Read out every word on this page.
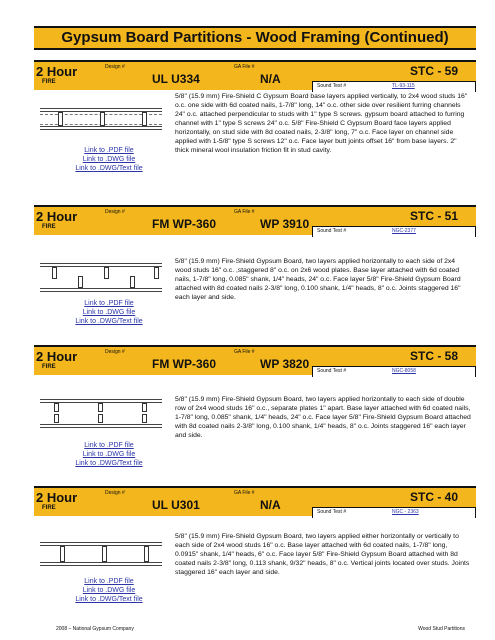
Gypsum Board Partitions - Wood Framing (Continued)
2 Hour
FIRE
Design #
UL U334
GA File #
N/A
STC - 59
Sound Test #	TL-93-115
Link to .PDF file
Link to .DWG file
Link to .DWG/Text file
5/8" (15.9 mm) Fire-Shield C Gypsum Board base layers applied vertically, to 2x4 wood studs 16" o.c. one side with 6d coated nails, 1-7/8" long, 14" o.c. other side over resilient furring channels 24" o.c. attached perpendicular to studs with 1" type S screws. gypsum board attached to furring channel with 1" type S screws 24" o.c. 5/8" Fire-Shield C Gypsum Board face layers applied horizontally, on stud side with 8d coated nails, 2-3/8" long, 7" o.c. Face layer on channel side applied with 1-5/8" type S screws 12" o.c. Face layer butt joints offset 16" from base layers. 2" thick mineral wool insulation friction fit in stud cavity.
2 Hour
FIRE
Design #
FM WP-360
GA File #
WP 3910
STC - 51
Sound Test #	NGC-2377
Link to .PDF file
Link to .DWG file
Link to .DWG/Text file
5/8" (15.9 mm) Fire-Shield Gypsum Board, two layers applied horizontally to each side of 2x4 wood studs 16" o.c. ,staggered 8" o.c. on 2x6 wood plates. Base layer attached with 6d coated nails, 1-7/8" long, 0.085" shank, 1/4" heads, 24" o.c. Face layer 5/8" Fire-Shield Gypsum Board attached with 8d coated nails 2-3/8" long, 0.100 shank, 1/4" heads, 8" o.c. Joints staggered 16" each layer and side.
2 Hour
FIRE
Design #
FM WP-360
GA File #
WP 3820
STC - 58
Sound Test #	NGC-8058
Link to .PDF file
Link to .DWG file
Link to .DWG/Text file
5/8" (15.9 mm) Fire-Shield Gypsum Board, two layers applied horizontally to each side of double row of 2x4 wood studs 16" o.c., separate plates 1" apart. Base layer attached with 6d coated nails, 1-7/8" long, 0.085" shank, 1/4" heads, 24" o.c. Face layer 5/8" Fire-Shield Gypsum Board attached with 8d coated nails 2-3/8" long, 0.100 shank, 1/4" heads, 8" o.c. Joints staggered 16" each layer and side.
2 Hour
FIRE
Design #
UL U301
GA File #
N/A
STC - 40
Sound Test #	NGC - 2363
Link to .PDF file
Link to .DWG file
Link to .DWG/Text file
5/8" (15.9 mm) Fire-Shield Gypsum Board, two layers applied either horizontally or vertically to each side of 2x4 wood studs 16" o.c. Base layer attached with 6d coated nails, 1-7/8" long, 0.0915" shank, 1/4" heads, 6" o.c. Face layer 5/8" Fire-Shield Gypsum Board attached with 8d coated nails 2-3/8" long, 0.113 shank, 9/32" heads, 8" o.c. Vertical joints located over studs. Joints staggered 16" each layer and side.
2008 – National Gypsum Company	Wood Stud Partitions
